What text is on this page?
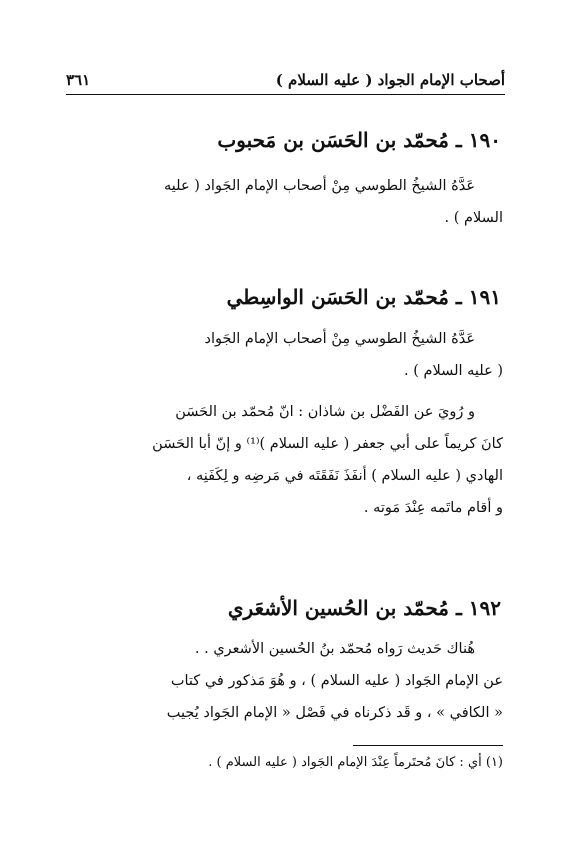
أصحاب الإمام الجواد ( عليه السلام )
٣٦١
١٩٠ ـ مُحمّد بن الحَسَن بن مَحبوب
عَدَّهُ الشيخُ الطوسي مِنْ أصحاب الإمام الجَواد ( عليه
السلام ) .
١٩١ ـ مُحمّد بن الحَسَن الواسِطي
عَدَّهُ الشيخُ الطوسي مِنْ أصحاب الإمام الجَواد
( عليه السلام ) .
و رُويَ عن الفَضْل بن شاذان : انّ مُحمّد بن الحَسَن
كانَ كريماً على أبي جعفر ( عليه السلام )⁽¹⁾ و إنّ أبا الحَسَن
الهادي ( عليه السلام ) أنفَذَ نَفَقَتَه في مَرضِه و لِكَفَنِه ،
و أقام ماتَمه عِنْدَ مَوته .
١٩٢ ـ مُحمّد بن الحُسين الأشعَري
هُناك حَديث رَواه مُحمّد بنُ الحُسين الأشعري . .
عن الإمام الجَواد ( عليه السلام ) ، و هُوَ مَذكور في كتاب
« الكافي » ، و قَد ذكرناه في فَصْل « الإمام الجَواد يُجيب
(١) أي : كانَ مُحتَرماً عِنْدَ الإمام الجَواد ( عليه السلام ) .
